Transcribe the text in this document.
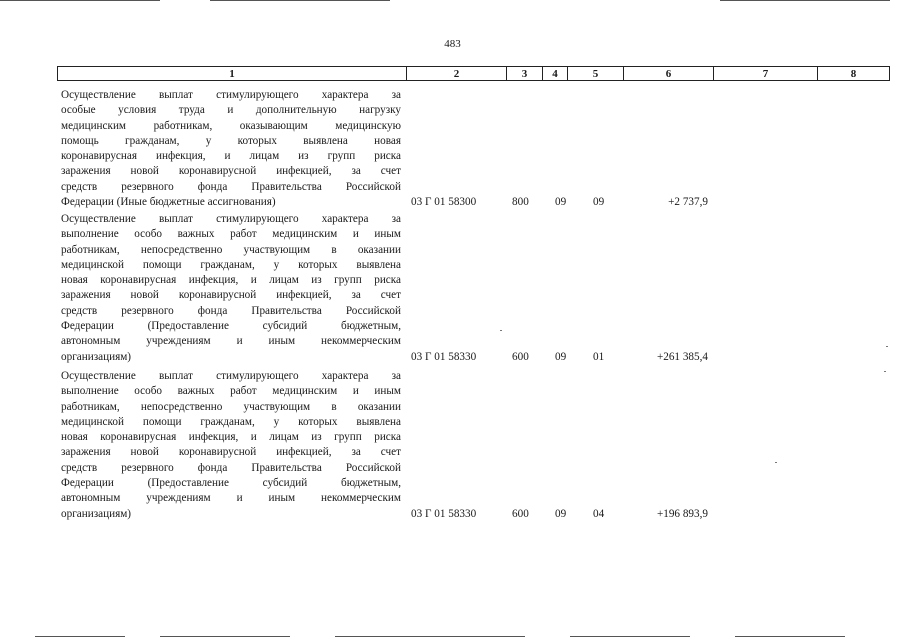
483
1	2	3	4	5	6	7	8
Осуществление выплат стимулирующего характера за
особые условия труда и дополнительную нагрузку
медицинским работникам, оказывающим медицинскую
помощь гражданам, у которых выявлена новая
коронавирусная инфекция, и лицам из групп риска
заражения новой коронавирусной инфекцией, за счет
средств резервного фонда Правительства Российской
Федерации (Иные бюджетные ассигнования)	03 Г 01 58300	800 09 09	+2 737,9
Осуществление выплат стимулирующего характера за
выполнение особо важных работ медицинским и иным
работникам, непосредственно участвующим в оказании
медицинской помощи гражданам, у которых выявлена
новая коронавирусная инфекция, и лицам из групп риска
заражения новой коронавирусной инфекцией, за счет
средств резервного фонда Правительства Российской
Федерации (Предоставление субсидий бюджетным,
автономным учреждениям и иным некоммерческим
организациям)	03 Г 01 58330	600 09 01	+261 385,4
Осуществление выплат стимулирующего характера за
выполнение особо важных работ медицинским и иным
работникам, непосредственно участвующим в оказании
медицинской помощи гражданам, у которых выявлена
новая коронавирусная инфекция, и лицам из групп риска
заражения новой коронавирусной инфекцией, за счет
средств резервного фонда Правительства Российской
Федерации (Предоставление субсидий бюджетным,
автономным учреждениям и иным некоммерческим
организациям)	03 Г 01 58330	600 09 04	+196 893,9
